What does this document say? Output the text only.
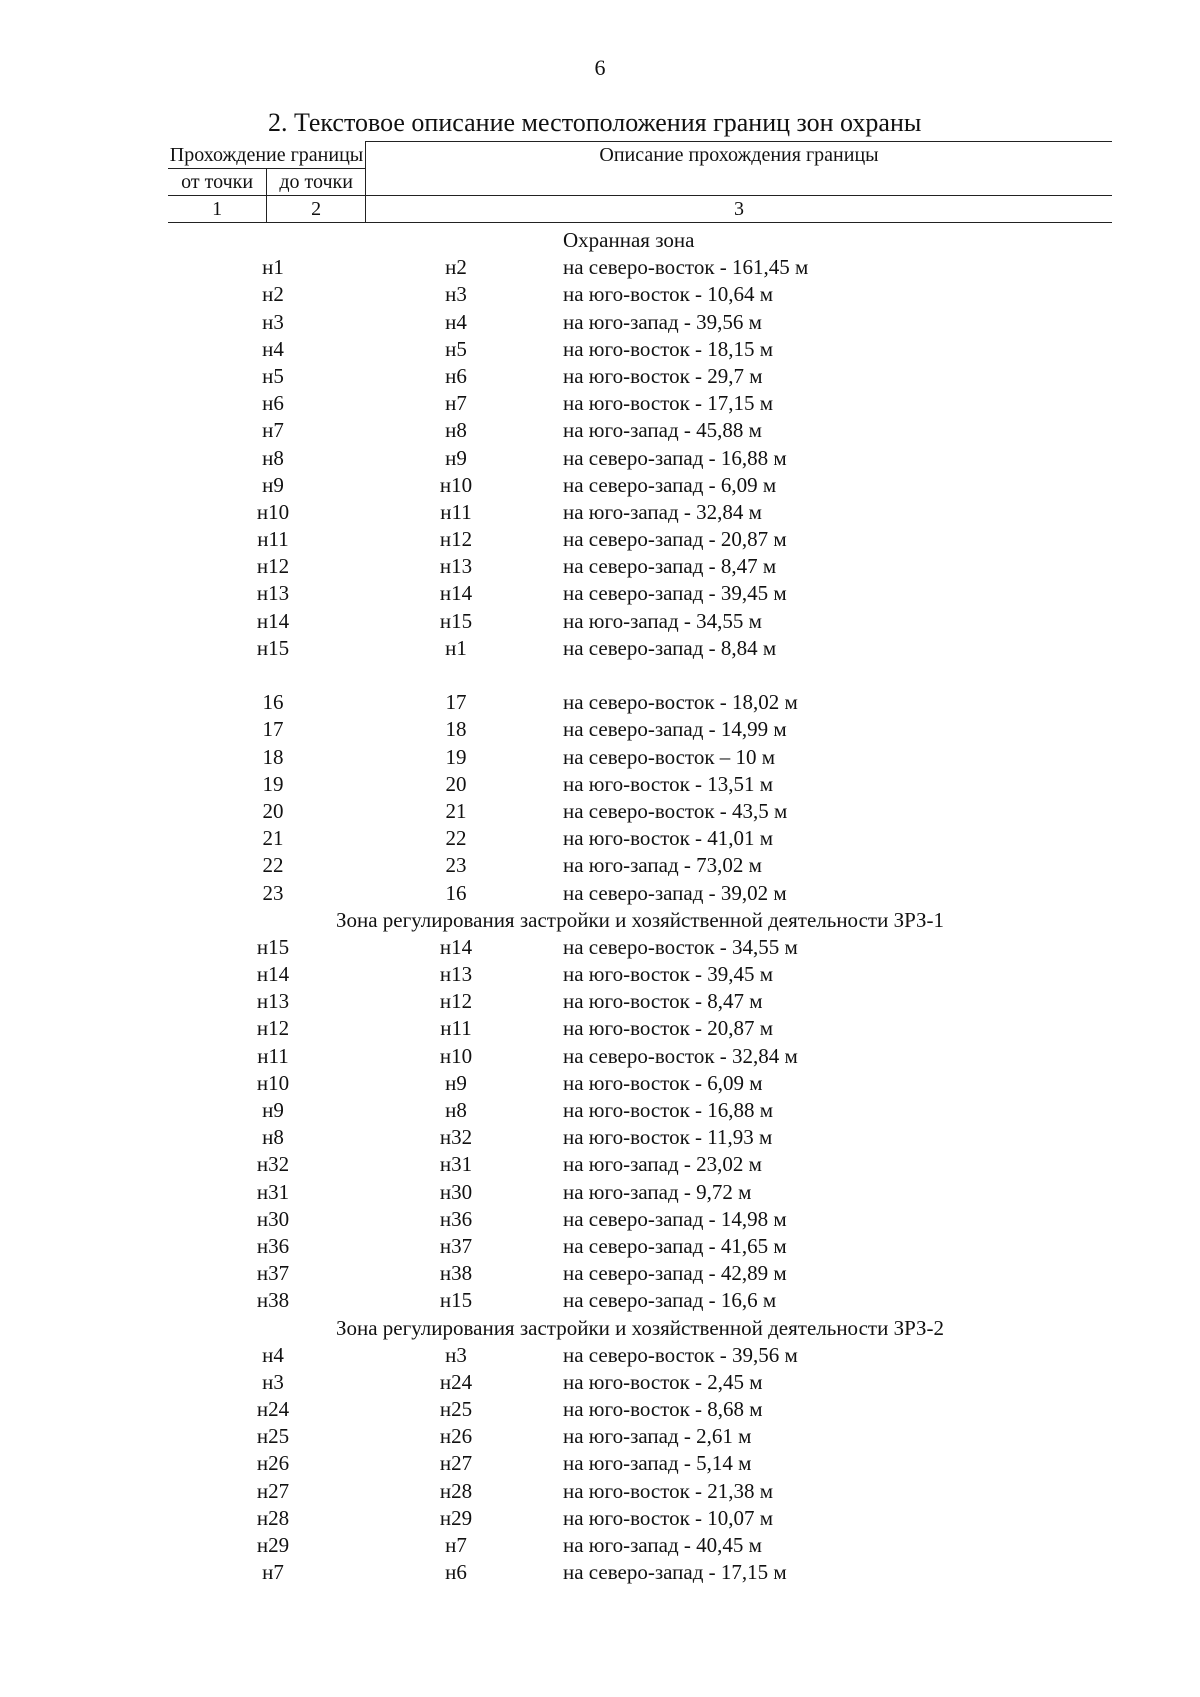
6
2. Текстовое описание местоположения границ зон охраны
Прохождение границы		Описание прохождения границы
от точки	до точки	
1	2	3
Охранная зона
н1	н2	на северо-восток - 161,45 м
н2	н3	на юго-восток - 10,64 м
н3	н4	на юго-запад - 39,56 м
н4	н5	на юго-восток - 18,15 м
н5	н6	на юго-восток - 29,7 м
н6	н7	на юго-восток - 17,15 м
н7	н8	на юго-запад - 45,88 м
н8	н9	на северо-запад - 16,88 м
н9	н10	на северо-запад - 6,09 м
н10	н11	на юго-запад - 32,84 м
н11	н12	на северо-запад - 20,87 м
н12	н13	на северо-запад - 8,47 м
н13	н14	на северо-запад - 39,45 м
н14	н15	на юго-запад - 34,55 м
н15	н1	на северо-запад - 8,84 м
16	17	на северо-восток - 18,02 м
17	18	на северо-запад - 14,99 м
18	19	на северо-восток – 10 м
19	20	на юго-восток - 13,51 м
20	21	на северо-восток - 43,5 м
21	22	на юго-восток - 41,01 м
22	23	на юго-запад - 73,02 м
23	16	на северо-запад - 39,02 м
Зона регулирования застройки и хозяйственной деятельности ЗРЗ-1
н15	н14	на северо-восток - 34,55 м
н14	н13	на юго-восток - 39,45 м
н13	н12	на юго-восток - 8,47 м
н12	н11	на юго-восток - 20,87 м
н11	н10	на северо-восток - 32,84 м
н10	н9	на юго-восток - 6,09 м
н9	н8	на юго-восток - 16,88 м
н8	н32	на юго-восток - 11,93 м
н32	н31	на юго-запад - 23,02 м
н31	н30	на юго-запад - 9,72 м
н30	н36	на северо-запад - 14,98 м
н36	н37	на северо-запад - 41,65 м
н37	н38	на северо-запад - 42,89 м
н38	н15	на северо-запад - 16,6 м
Зона регулирования застройки и хозяйственной деятельности ЗРЗ-2
н4	н3	на северо-восток - 39,56 м
н3	н24	на юго-восток - 2,45 м
н24	н25	на юго-восток - 8,68 м
н25	н26	на юго-запад - 2,61 м
н26	н27	на юго-запад - 5,14 м
н27	н28	на юго-восток - 21,38 м
н28	н29	на юго-восток - 10,07 м
н29	н7	на юго-запад - 40,45 м
н7	н6	на северо-запад - 17,15 м
